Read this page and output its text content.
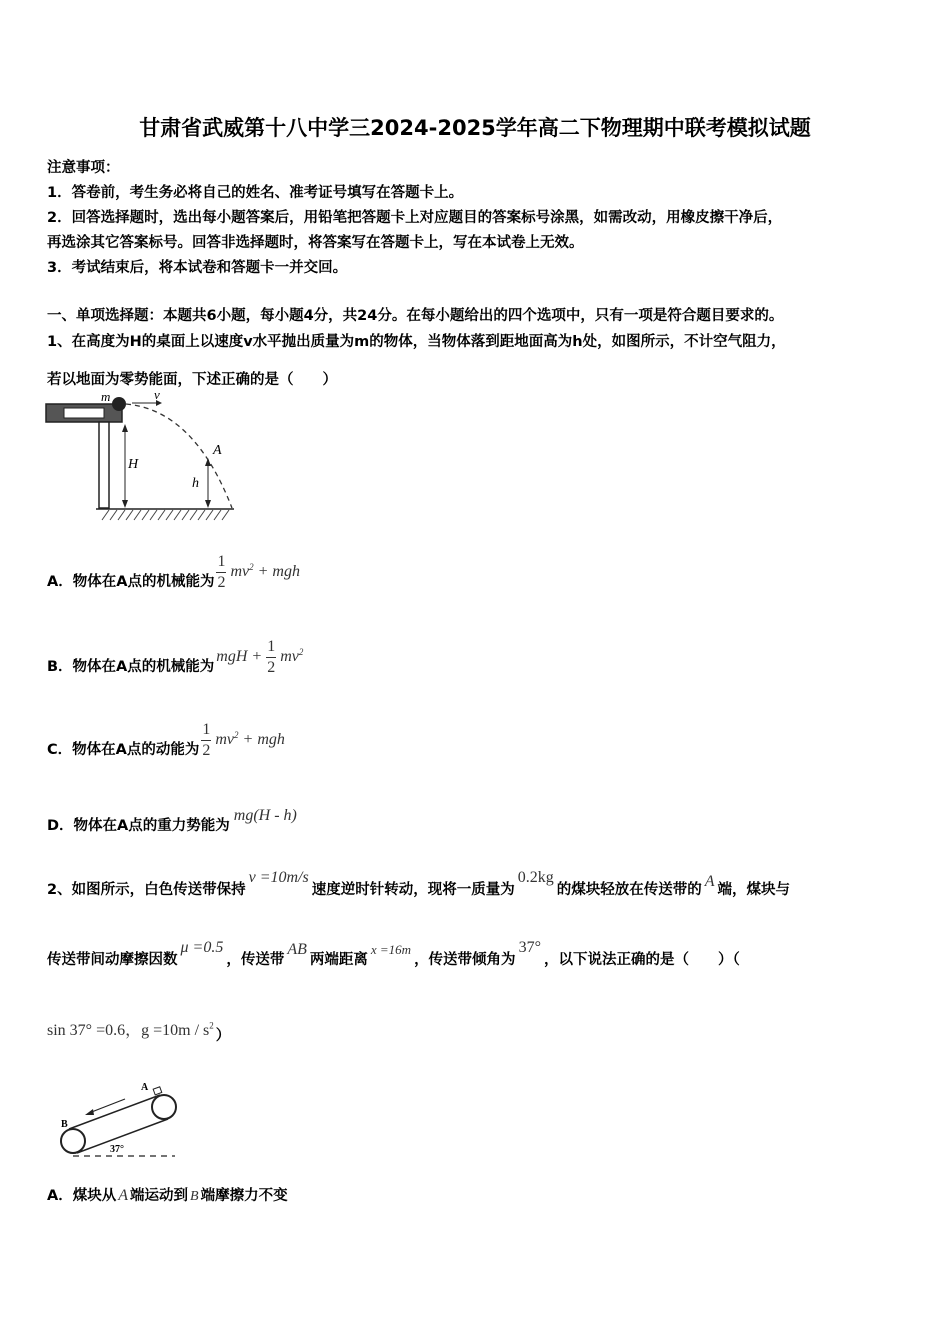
甘肃省武威第十八中学三2024-2025学年高二下物理期中联考模拟试题
注意事项：
1．答卷前，考生务必将自己的姓名、准考证号填写在答题卡上。
2．回答选择题时，选出每小题答案后，用铅笔把答题卡上对应题目的答案标号涂黑，如需改动，用橡皮擦干净后，
再选涂其它答案标号。回答非选择题时，将答案写在答题卡上，写在本试卷上无效。
3．考试结束后，将本试卷和答题卡一并交回。
一、单项选择题：本题共6小题，每小题4分，共24分。在每小题给出的四个选项中，只有一项是符合题目要求的。
1、在高度为H的桌面上以速度v水平抛出质量为m的物体，当物体落到距地面高为h处，如图所示，不计空气阻力，
若以地面为零势能面，下述正确的是（　　）
m	v
H
A
h
A．物体在A点的机械能为 $\frac{1}{2} mv^2$ + mgh
B．物体在A点的机械能为
mgH + $\frac{1}{2} mv^2$
C．物体在A点的动能为 $\frac{1}{2} mv^2$ + mgh
D．物体在A点的重力势能为
mg(H - h)
2、如图所示，白色传送带保持
v =10m/s
速度逆时针转动，现将一质量为
0.2kg
的煤块轻放在传送带的 A 端，煤块与
传送带间动摩擦因数
μ =0.5
，传送带
AB
两端距离
x =16m
，传送带倾角为
37°
，以下说法正确的是（　　）（
sin 37° =0.6，$g =10m / s^2$
）
A
B
37°
A．煤块从 A 端运动到 B 端摩擦力不变
